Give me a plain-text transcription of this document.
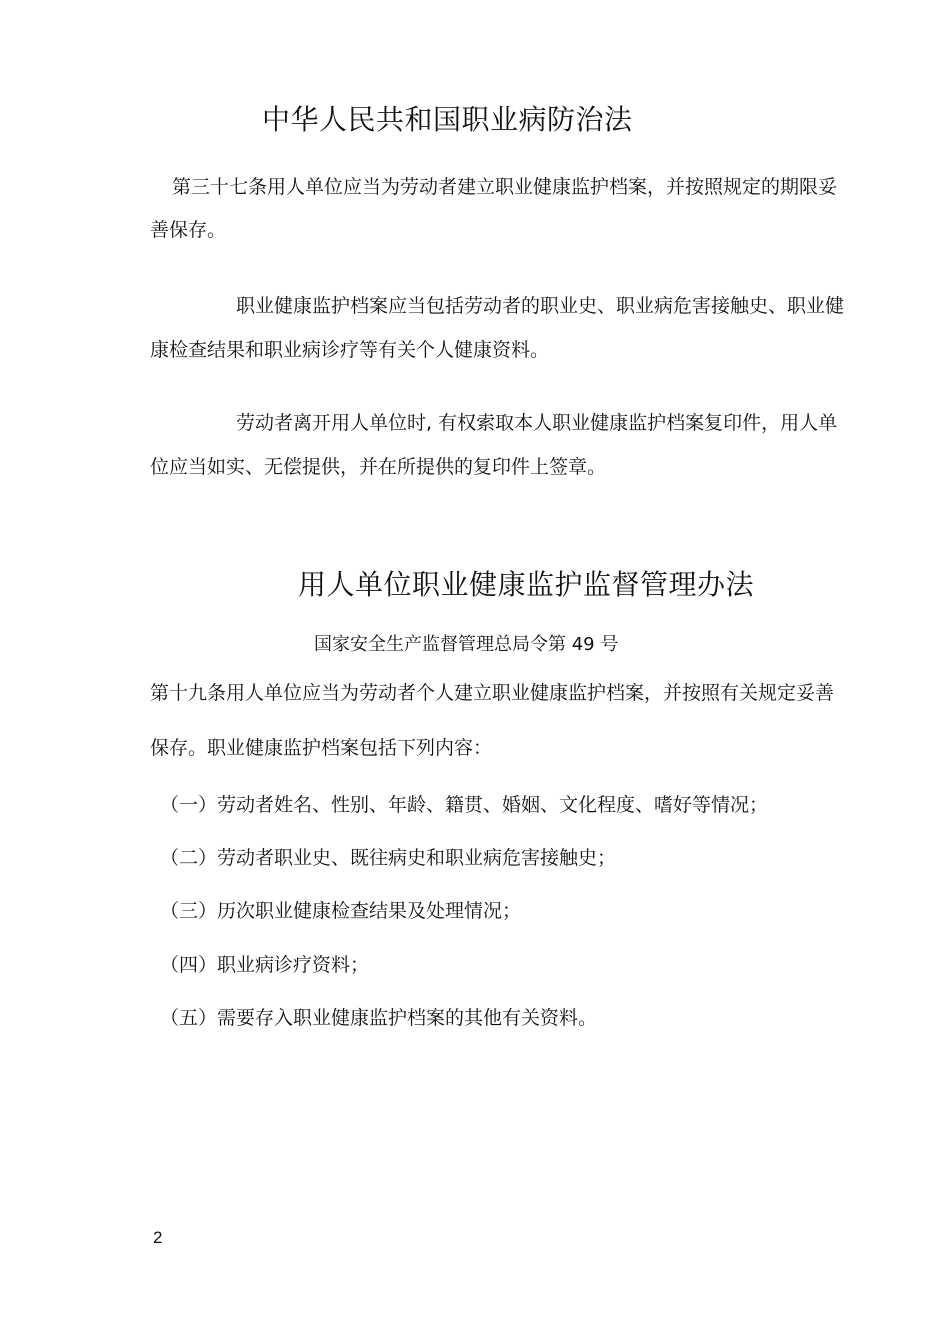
中华人民共和国职业病防治法
第三十七条用人单位应当为劳动者建立职业健康监护档案，并按照规定的期限妥
善保存。
职业健康监护档案应当包括劳动者的职业史、职业病危害接触史、职业健
康检查结果和职业病诊疗等有关个人健康资料。
劳动者离开用人单位时, 有权索取本人职业健康监护档案复印件，用人单
位应当如实、无偿提供，并在所提供的复印件上签章。
用人单位职业健康监护监督管理办法
国家安全生产监督管理总局令第 49 号
第十九条用人单位应当为劳动者个人建立职业健康监护档案，并按照有关规定妥善
保存。职业健康监护档案包括下列内容：
（一）劳动者姓名、性别、年龄、籍贯、婚姻、文化程度、嗜好等情况；
（二）劳动者职业史、既往病史和职业病危害接触史；
（三）历次职业健康检查结果及处理情况；
（四）职业病诊疗资料；
（五）需要存入职业健康监护档案的其他有关资料。
2
